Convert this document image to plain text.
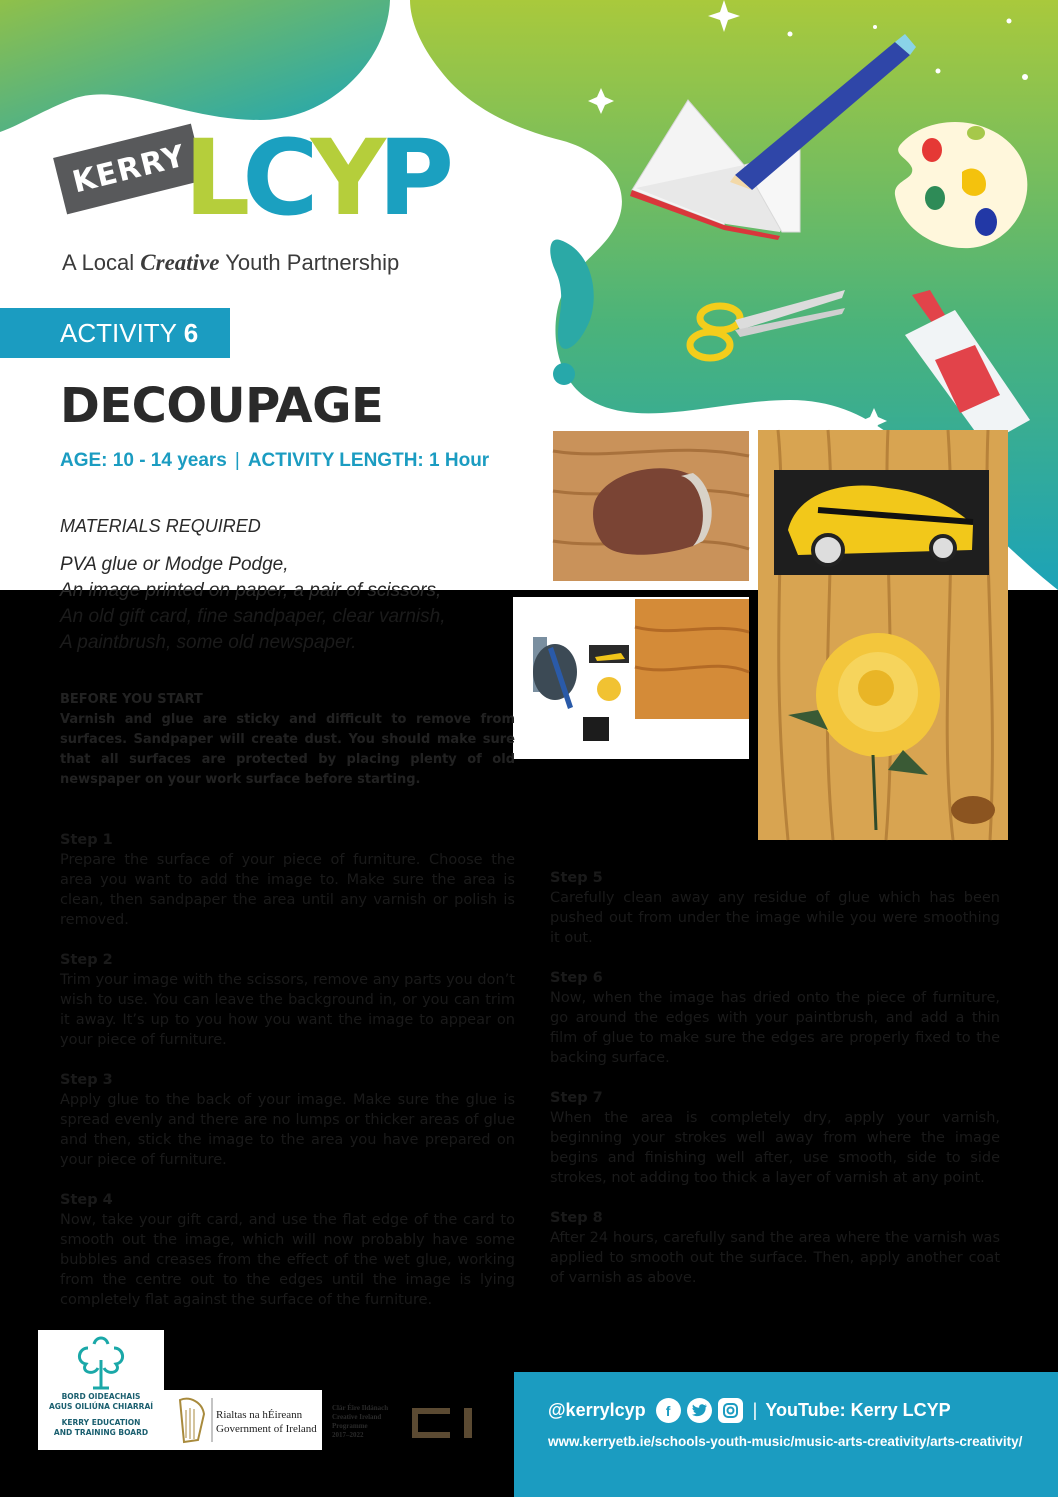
KERRY
LCYP
A Local Creative Youth Partnership
ACTIVITY 6
DECOUPAGE
AGE: 10 - 14 years | ACTIVITY LENGTH: 1 Hour
MATERIALS REQUIRED
PVA glue or Modge Podge,
An image printed on paper, a pair of scissors,
An old gift card, fine sandpaper, clear varnish,
A paintbrush, some old newspaper.
BEFORE YOU START
Varnish and glue are sticky and difficult to remove from surfaces. Sandpaper will create dust. You should make sure that all surfaces are protected by placing plenty of old newspaper on your work surface before starting.
Step 1
Prepare the surface of your piece of furniture. Choose the area you want to add the image to. Make sure the area is clean, then sandpaper the area until any varnish or polish is removed.
Step 2
Trim your image with the scissors, remove any parts you don’t wish to use. You can leave the background in, or you can trim it away. It’s up to you how you want the image to appear on your piece of furniture.
Step 3
Apply glue to the back of your image. Make sure the glue is spread evenly and there are no lumps or thicker areas of glue and then, stick the image to the area you have prepared on your piece of furniture.
Step 4
Now, take your gift card, and use the flat edge of the card to smooth out the image, which will now probably have some bubbles and creases from the effect of the wet glue, working from the centre out to the edges until the image is lying completely flat against the surface of the furniture.
Step 5
Carefully clean away any residue of glue which has been pushed out from under the image while you were smoothing it out.
Step 6
Now, when the image has dried onto the piece of furniture, go around the edges with your paintbrush, and add a thin film of glue to make sure the edges are properly fixed to the backing surface.
Step 7
When the area is completely dry, apply your varnish, beginning your strokes well away from where the image begins and finishing well after, use smooth, side to side strokes, not adding too thick a layer of varnish at any point.
Step 8
After 24 hours, carefully sand the area where the varnish was applied to smooth out the surface. Then, apply another coat of varnish as above.
BORD OIDEACHAIS
AGUS OILIÚNA CHIARRAÍ
KERRY EDUCATION
AND TRAINING BOARD
Rialtas na hÉireann
Government of Ireland
Clár Éire Ildánach
Creative Ireland
Programme
2017–2022
@kerrylcyp	f	| YouTube: Kerry LCYP
www.kerryetb.ie/schools-youth-music/music-arts-creativity/arts-creativity/
